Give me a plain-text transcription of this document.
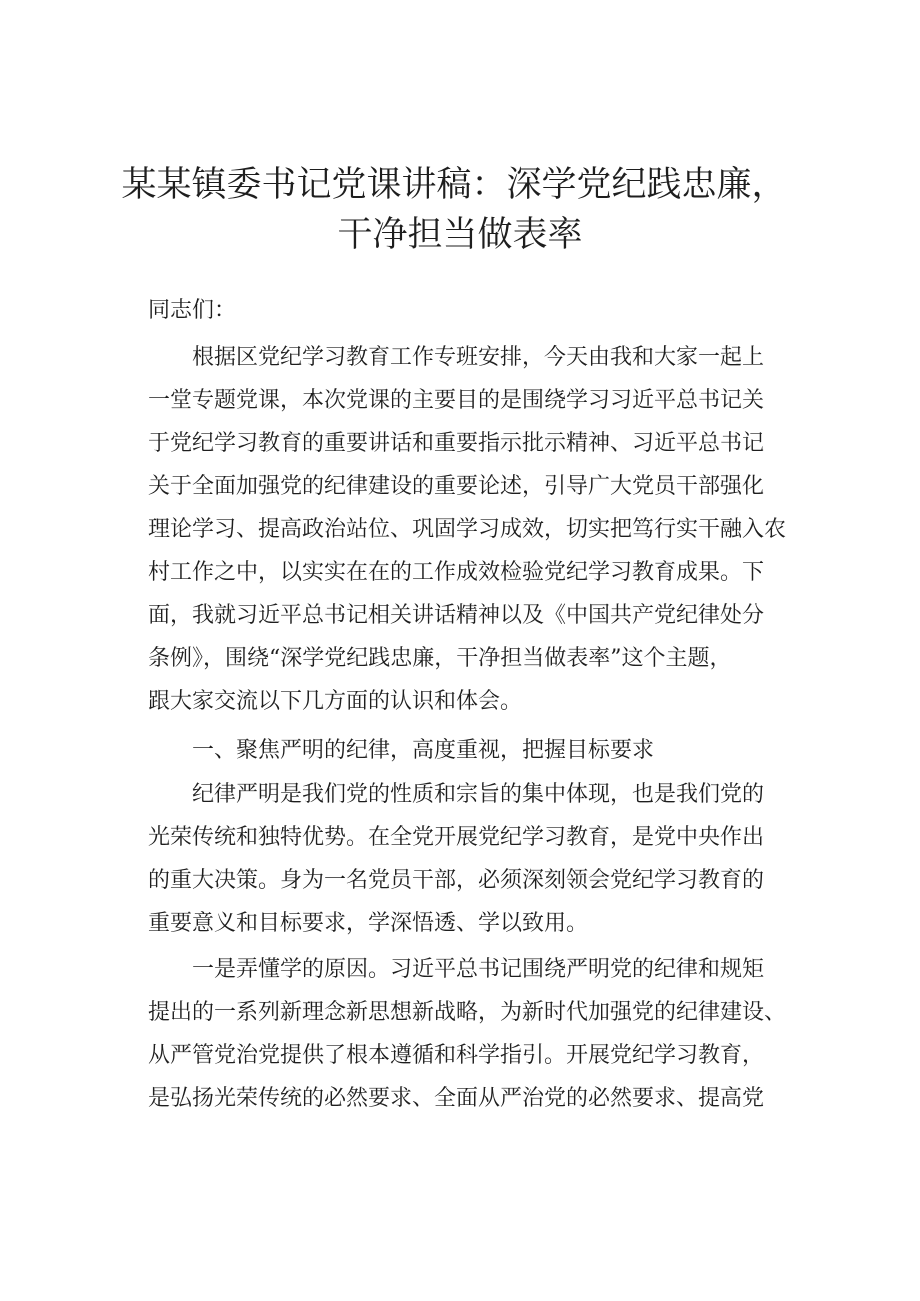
某某镇委书记党课讲稿：深学党纪践忠廉，
干净担当做表率
同志们：
根据区党纪学习教育工作专班安排，今天由我和大家一起上
一堂专题党课，本次党课的主要目的是围绕学习习近平总书记关
于党纪学习教育的重要讲话和重要指示批示精神、习近平总书记
关于全面加强党的纪律建设的重要论述，引导广大党员干部强化
理论学习、提高政治站位、巩固学习成效，切实把笃行实干融入农
村工作之中，以实实在在的工作成效检验党纪学习教育成果。下
面，我就习近平总书记相关讲话精神以及《中国共产党纪律处分
条例》，围绕“深学党纪践忠廉，干净担当做表率”这个主题，
跟大家交流以下几方面的认识和体会。
一、聚焦严明的纪律，高度重视，把握目标要求
纪律严明是我们党的性质和宗旨的集中体现，也是我们党的
光荣传统和独特优势。在全党开展党纪学习教育，是党中央作出
的重大决策。身为一名党员干部，必须深刻领会党纪学习教育的
重要意义和目标要求，学深悟透、学以致用。
一是弄懂学的原因。习近平总书记围绕严明党的纪律和规矩
提出的一系列新理念新思想新战略，为新时代加强党的纪律建设、
从严管党治党提供了根本遵循和科学指引。开展党纪学习教育，
是弘扬光荣传统的必然要求、全面从严治党的必然要求、提高党
